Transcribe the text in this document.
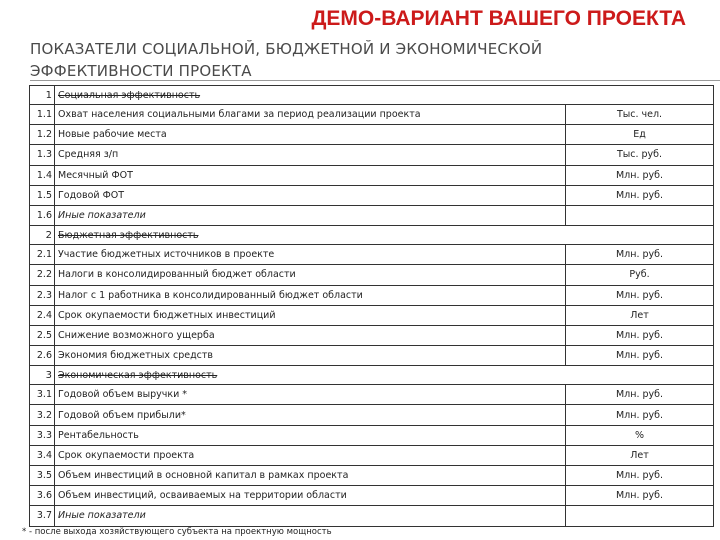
ДЕМО-ВАРИАНТ ВАШЕГО ПРОЕКТА
ПОКАЗАТЕЛИ СОЦИАЛЬНОЙ, БЮДЖЕТНОЙ И ЭКОНОМИЧЕСКОЙ
ЭФФЕКТИВНОСТИ ПРОЕКТА
1 Социальная эффективность
1.1 Охват населения социальными благами за период реализации проекта	Тыс. чел.
1.2 Новые рабочие места	Ед
1.3 Средняя з/п	Тыс. руб.
1.4 Месячный ФОТ	Млн. руб.
1.5 Годовой ФОТ	Млн. руб.
1.6 Иные показатели
2 Бюджетная эффективность
2.1 Участие бюджетных источников в проекте	Млн. руб.
2.2 Налоги в консолидированный бюджет области	Руб.
2.3 Налог с 1 работника в консолидированный бюджет области	Млн. руб.
2.4 Срок окупаемости бюджетных инвестиций	Лет
2.5 Снижение возможного ущерба	Млн. руб.
2.6 Экономия бюджетных средств	Млн. руб.
3 Экономическая эффективность
3.1 Годовой объем выручки *	Млн. руб.
3.2 Годовой объем прибыли*	Млн. руб.
3.3 Рентабельность	%
3.4 Срок окупаемости проекта	Лет
3.5 Объем инвестиций в основной капитал в рамках проекта	Млн. руб.
3.6 Объем инвестиций, осваиваемых на территории области	Млн. руб.
3.7 Иные показатели
* - после выхода хозяйствующего субъекта на проектную мощность
